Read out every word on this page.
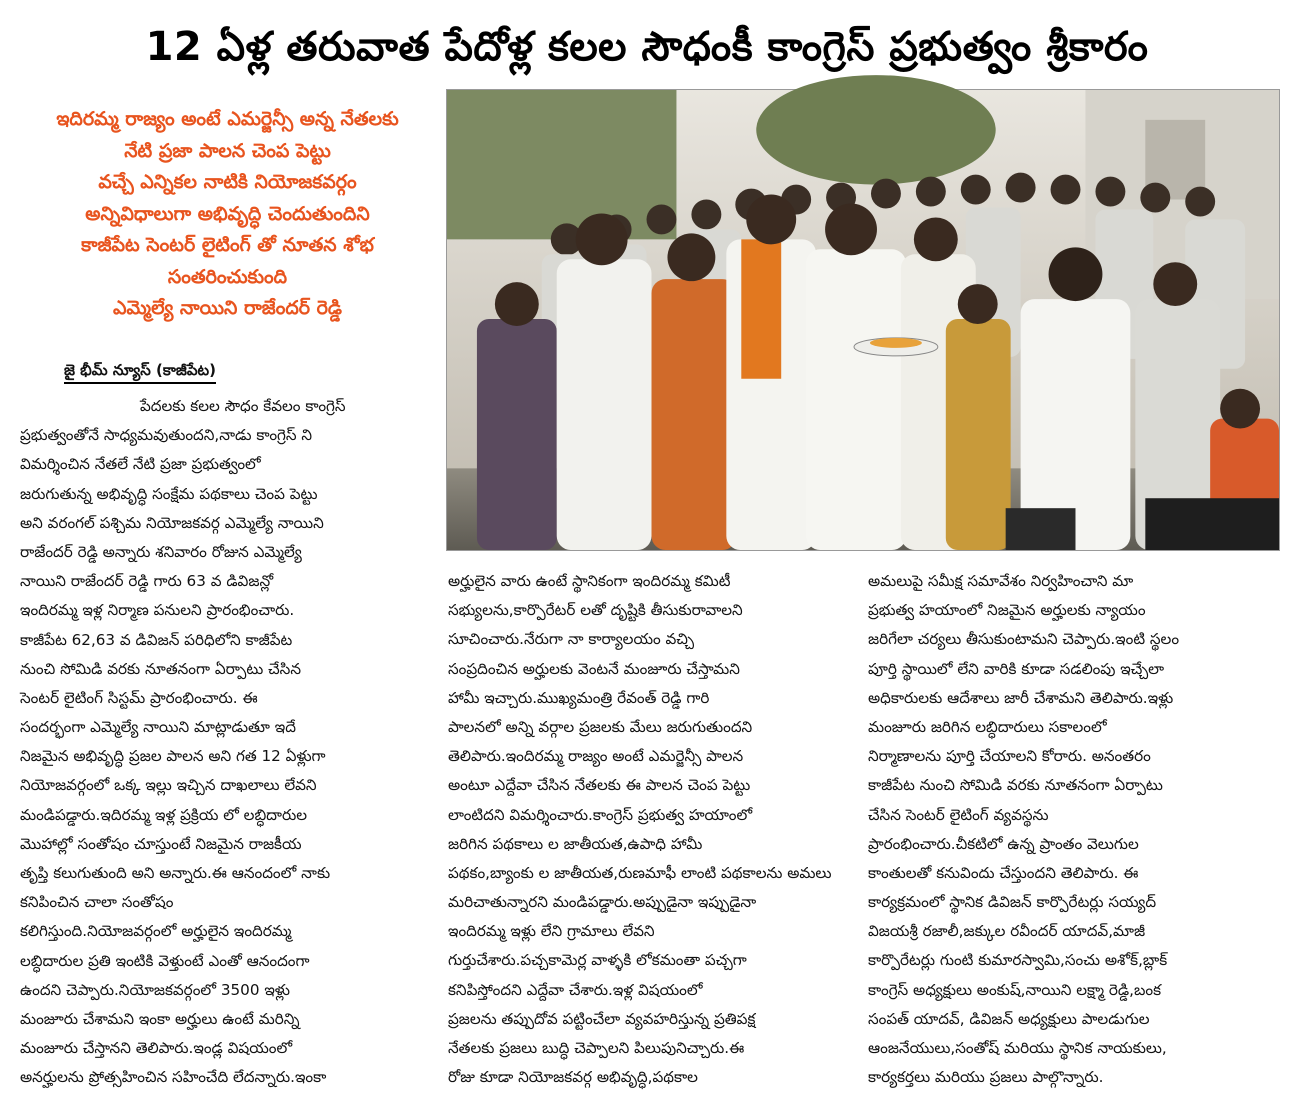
12 ఏళ్ల తరువాత పేదోళ్ల కలల సౌధంకీ కాంగ్రెస్ ప్రభుత్వం శ్రీకారం
ఇదిరమ్మ రాజ్యం అంటే ఎమర్జెన్సీ అన్న నేతలకు
నేటి ప్రజా పాలన చెంప పెట్టు
వచ్చే ఎన్నికల నాటికి నియోజకవర్గం
అన్నివిధాలుగా అభివృద్ధి చెందుతుందిని
కాజీపేట సెంటర్ లైటింగ్ తో నూతన శోభ
సంతరించుకుంది
ఎమ్మెల్యే నాయిని రాజేందర్ రెడ్డి
జై భీమ్ న్యూస్ (కాజీపేట)
పేదలకు కలల సౌధం కేవలం కాంగ్రెస్
ప్రభుత్వంతోనే సాధ్యమవుతుందని,నాడు కాంగ్రెస్ ని
విమర్శించిన నేతలే నేటి ప్రజా ప్రభుత్వంలో
జరుగుతున్న అభివృద్ధి సంక్షేమ పథకాలు చెంప పెట్టు
అని వరంగల్ పశ్చిమ నియోజకవర్గ ఎమ్మెల్యే నాయిని
రాజేందర్ రెడ్డి అన్నారు శనివారం రోజున ఎమ్మెల్యే
నాయిని రాజేందర్ రెడ్డి గారు 63 వ డివిజన్లో
ఇందిరమ్మ ఇళ్ల నిర్మాణ పనులని ప్రారంభించారు.
కాజీపేట 62,63 వ డివిజన్ పరిధిలోని కాజీపేట
నుంచి సోమిడి వరకు నూతనంగా ఏర్పాటు చేసిన
సెంటర్ లైటింగ్ సిస్టమ్ ప్రారంభించారు. ఈ
సందర్భంగా ఎమ్మెల్యే నాయిని మాట్లాడుతూ ఇదే
నిజమైన అభివృద్ధి ప్రజల పాలన అని గత 12 ఏళ్లుగా
నియోజవర్గంలో ఒక్క ఇల్లు ఇచ్చిన దాఖలాలు లేవని
మండిపడ్డారు.ఇదిరమ్మ ఇళ్ల ప్రక్రియ లో లబ్ధిదారుల
మొహాల్లో సంతోషం చూస్తుంటే నిజమైన రాజకీయ
తృప్తి కలుగుతుంది అని అన్నారు.ఈ ఆనందంలో నాకు
కనిపించిన చాలా సంతోషం
కలిగిస్తుంది.నియోజవర్గంలో అర్హులైన ఇందిరమ్మ
లబ్ధిదారుల ప్రతి ఇంటికి వెళ్తుంటే ఎంతో ఆనందంగా
ఉందని చెప్పారు.నియోజకవర్గంలో 3500 ఇళ్లు
మంజూరు చేశామని ఇంకా అర్హులు ఉంటే మరిన్ని
మంజూరు చేస్తానని తెలిపారు.ఇండ్ల విషయంలో
అనర్హులను ప్రోత్సహించిన సహించేది లేదన్నారు.ఇంకా
అర్హులైన వారు ఉంటే స్థానికంగా ఇందిరమ్మ కమిటీ
సభ్యులను,కార్పొరేటర్ లతో దృష్టికి తీసుకురావాలని
సూచించారు.నేరుగా నా కార్యాలయం వచ్చి
సంప్రదించిన అర్హులకు వెంటనే మంజూరు చేస్తామని
హామీ ఇచ్చారు.ముఖ్యమంత్రి రేవంత్ రెడ్డి గారి
పాలనలో అన్ని వర్గాల ప్రజలకు మేలు జరుగుతుందని
తెలిపారు.ఇందిరమ్మ రాజ్యం అంటే ఎమర్జెన్సీ పాలన
అంటూ ఎద్దేవా చేసిన నేతలకు ఈ పాలన చెంప పెట్టు
లాంటిదని విమర్శించారు.కాంగ్రెస్ ప్రభుత్వ హయాంలో
జరిగిన పథకాలు ల జాతీయత,ఉపాధి హామీ
పథకం,బ్యాంకు ల జాతీయత,రుణమాఫీ లాంటి పథకాలను అమలు
మరిచాతున్నారని మండిపడ్డారు.అప్పుడైనా ఇప్పుడైనా
ఇందిరమ్మ ఇళ్లు లేని గ్రామాలు లేవని
గుర్తుచేశారు.పచ్చకామెర్ల వాళ్ళకి లోకమంతా పచ్చగా
కనిపిస్తోందని ఎద్దేవా చేశారు.ఇళ్ల విషయంలో
ప్రజలను తప్పుదోవ పట్టించేలా వ్యవహరిస్తున్న ప్రతిపక్ష
నేతలకు ప్రజలు బుద్ధి చెప్పాలని పిలుపునిచ్చారు.ఈ
రోజు కూడా నియోజకవర్గ అభివృద్ధి,పథకాల
అమలుపై సమీక్ష సమావేశం నిర్వహించాని మా
ప్రభుత్వ హయాంలో నిజమైన అర్హులకు న్యాయం
జరిగేలా చర్యలు తీసుకుంటామని చెప్పారు.ఇంటి స్థలం
పూర్తి స్థాయిలో లేని వారికి కూడా సడలింపు ఇచ్చేలా
అధికారులకు ఆదేశాలు జారీ చేశామని తెలిపారు.ఇళ్లు
మంజూరు జరిగిన లబ్ధిదారులు సకాలంలో
నిర్మాణాలను పూర్తి చేయాలని కోరారు. అనంతరం
కాజీపేట నుంచి సోమిడి వరకు నూతనంగా ఏర్పాటు
చేసిన సెంటర్ లైటింగ్ వ్యవస్థను
ప్రారంభించారు.చీకటిలో ఉన్న ప్రాంతం వెలుగుల
కాంతులతో కనువిందు చేస్తుందని తెలిపారు. ఈ
కార్యక్రమంలో స్థానిక డివిజన్ కార్పొరేటర్లు సయ్యద్
విజయశ్రీ రజాలీ,జక్కుల రవీందర్ యాదవ్,మాజీ
కార్పొరేటర్లు గుంటి కుమారస్వామి,సంచు అశోక్,బ్లాక్
కాంగ్రెస్ అధ్యక్షులు అంకుష్,నాయిని లక్ష్మా రెడ్డి,బంక
సంపత్ యాదవ్, డివిజన్ అధ్యక్షులు పాలడుగుల
ఆంజనేయులు,సంతోష్ మరియు స్థానిక నాయకులు,
కార్యకర్తలు మరియు ప్రజలు పాల్గొన్నారు.
